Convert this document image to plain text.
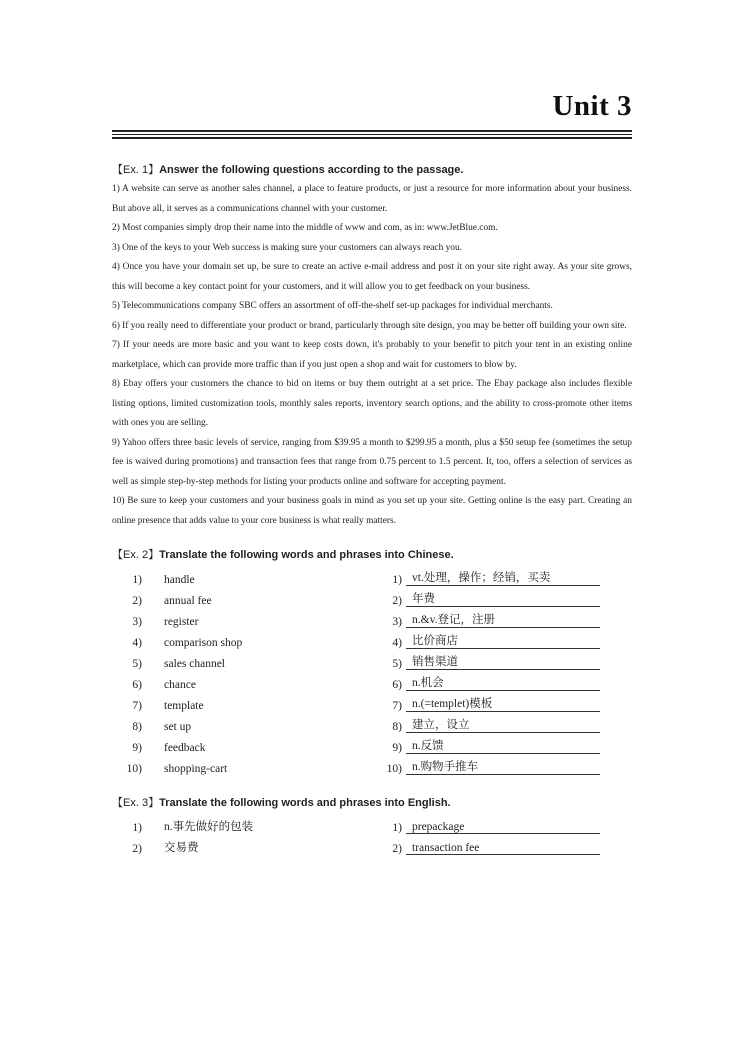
Unit 3

【Ex. 1】Answer the following questions according to the passage.

1) A website can serve as another sales channel, a place to feature products, or just a resource for more information about your business. But above all, it serves as a communications channel with your customer.

2) Most companies simply drop their name into the middle of www and com, as in: www.JetBlue.com.

3) One of the keys to your Web success is making sure your customers can always reach you.

4) Once you have your domain set up, be sure to create an active e-mail address and post it on your site right away. As your site grows, this will become a key contact point for your customers, and it will allow you to get feedback on your business.

5) Telecommunications company SBC offers an assortment of off-the-shelf set-up packages for individual merchants.

6) If you really need to differentiate your product or brand, particularly through site design, you may be better off building your own site.

7) If your needs are more basic and you want to keep costs down, it's probably to your benefit to pitch your tent in an existing online marketplace, which can provide more traffic than if you just open a shop and wait for customers to blow by.

8) Ebay offers your customers the chance to bid on items or buy them outright at a set price. The Ebay package also includes flexible listing options, limited customization tools, monthly sales reports, inventory search options, and the ability to cross-promote other items with ones you are selling.

9) Yahoo offers three basic levels of service, ranging from $39.95 a month to $299.95 a month, plus a $50 setup fee (sometimes the setup fee is waived during promotions) and transaction fees that range from 0.75 percent to 1.5 percent. It, too, offers a selection of services as well as simple step-by-step methods for listing your products online and software for accepting payment.

10) Be sure to keep your customers and your business goals in mind as you set up your site. Getting online is the easy part. Creating an online presence that adds value to your core business is what really matters.

【Ex. 2】Translate the following words and phrases into Chinese.

1)	handle	1)	vt.处理，操作；经销，买卖
2)	annual fee	2)	年费
3)	register	3)	n.&v.登记，注册
4)	comparison shop	4)	比价商店
5)	sales channel	5)	销售渠道
6)	chance	6)	n.机会
7)	template	7)	n.(=templet)模板
8)	set up	8)	建立，设立
9)	feedback	9)	n.反馈
10)	shopping-cart	10)	n.购物手推车

【Ex. 3】Translate the following words and phrases into English.

1)	n.事先做好的包装	1)	prepackage
2)	交易费	2)	transaction fee
